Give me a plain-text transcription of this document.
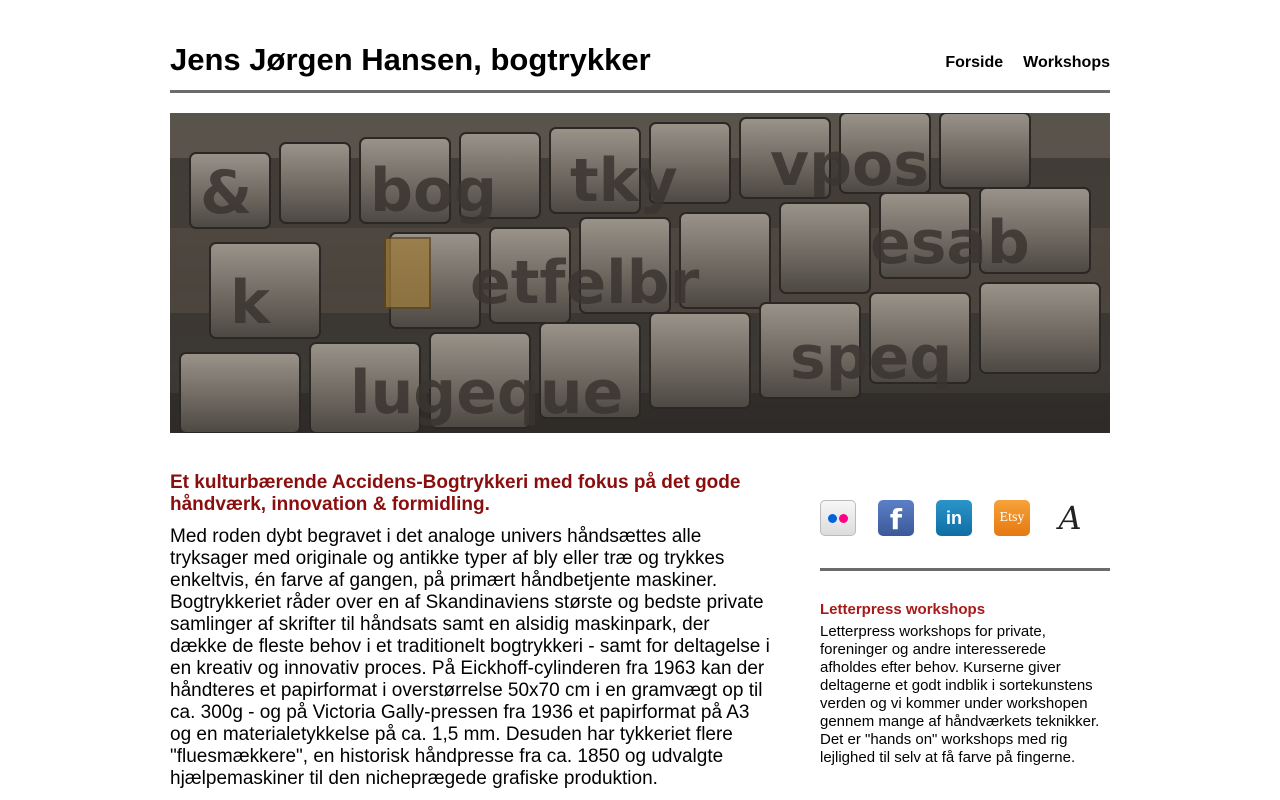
Jens Jørgen Hansen, bogtrykker	Forside Workshops
& bog tky vpos
k	etfelbr
esab
lugeque	speq
Et kulturbærende Accidens-Bogtrykkeri med fokus på det gode håndværk, innovation & formidling.

Med roden dybt begravet i det analoge univers håndsættes alle tryksager med originale og antikke typer af bly eller træ og trykkes enkeltvis, én farve af gangen, på primært håndbetjente maskiner. Bogtrykkeriet råder over en af Skandinaviens største og bedste private samlinger af skrifter til håndsats samt en alsidig maskinpark, der dække de fleste behov i et traditionelt bogtrykkeri - samt for deltagelse i en kreativ og innovativ proces. På Eickhoff-cylinderen fra 1963 kan der håndteres et papirformat i overstørrelse 50x70 cm i en gramvægt op til ca. 300g - og på Victoria Gally-pressen fra 1936 et papirformat på A3 og en materialetykkelse på ca. 1,5 mm. Desuden har tykkeriet flere "fluesmækkere", en historisk håndpresse fra ca. 1850 og udvalgte hjælpemaskiner til den nicheprægede grafiske produktion.

f	in	Etsy A
Letterpress workshops

Letterpress workshops for private, foreninger og andre interesserede afholdes efter behov. Kurserne giver deltagerne et godt indblik i sortekunstens verden og vi kommer under workshopen gennem mange af håndværkets teknikker. Det er "hands on" workshops med rig lejlighed til selv at få farve på fingerne.
